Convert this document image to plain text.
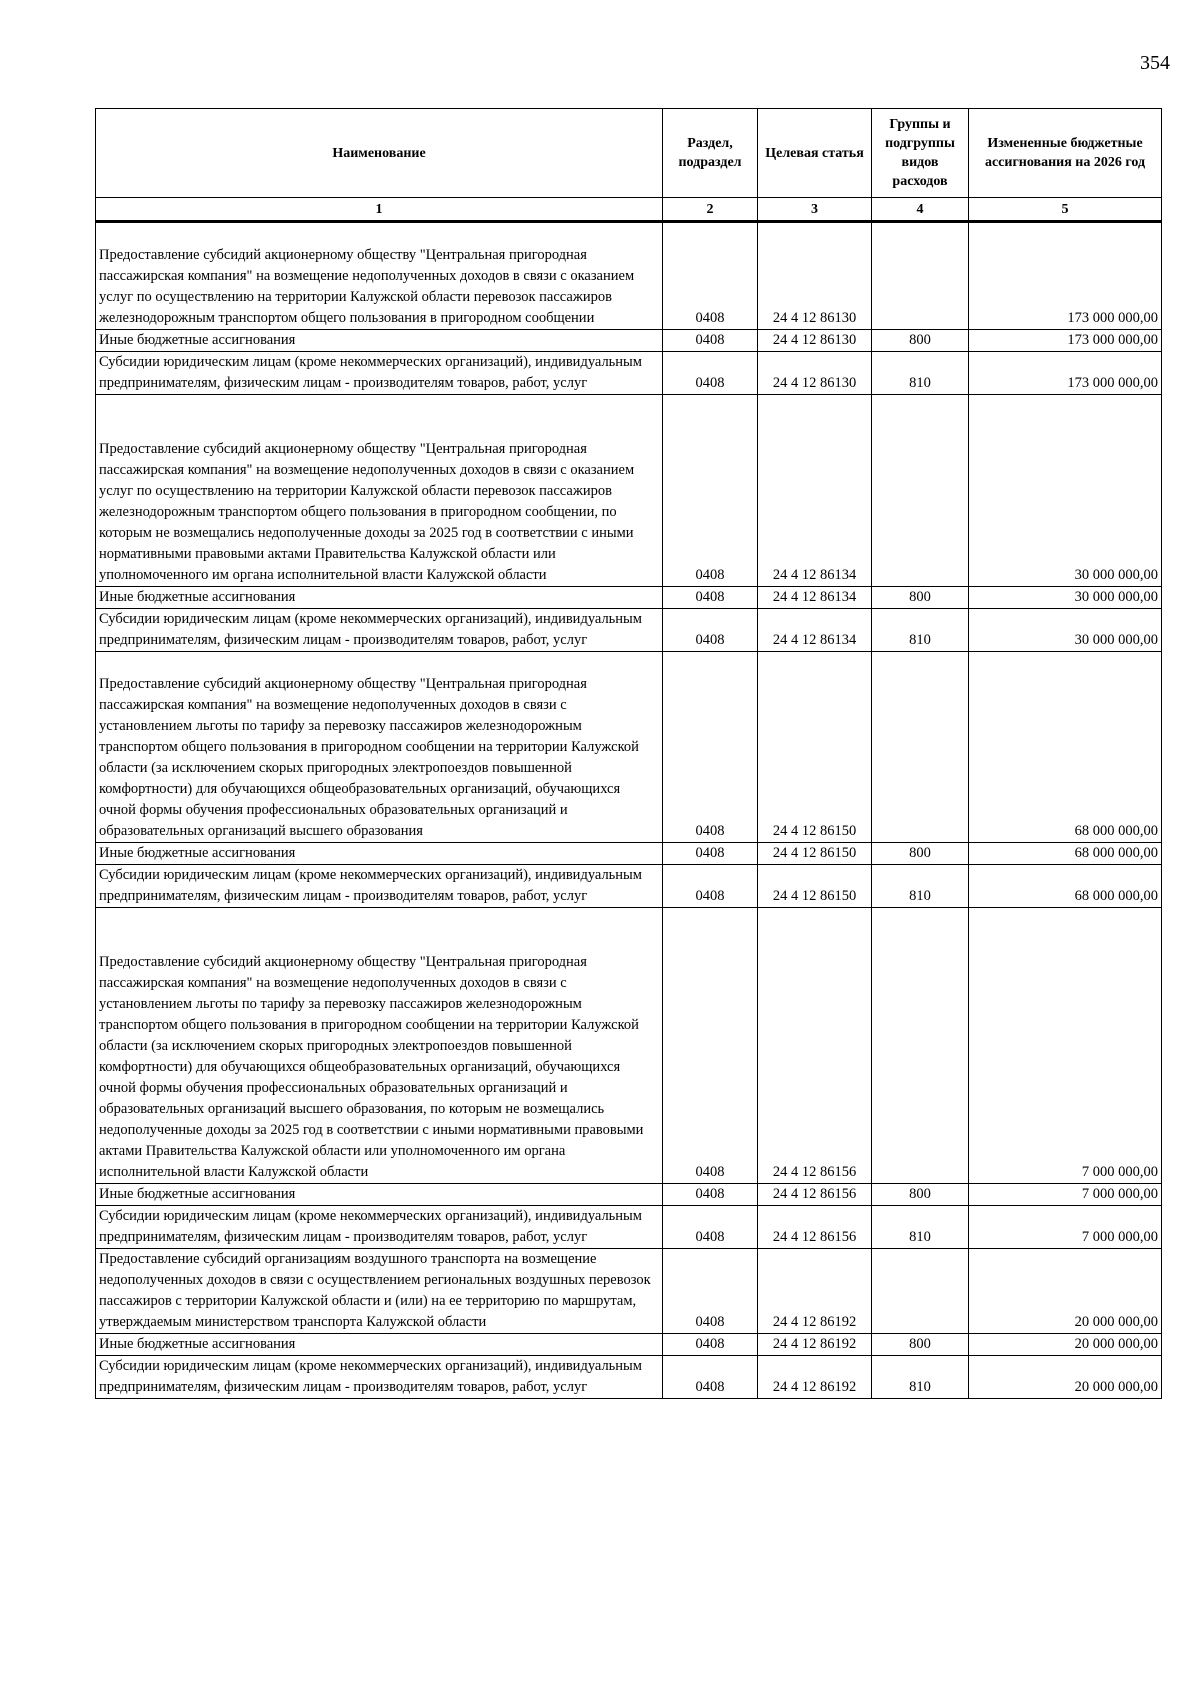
354
Наименование	Раздел, подраздел	Целевая статья	Группы и подгруппы видов расходов	Измененные бюджетные ассигнования на 2026 год
1	2	3	4	5
Предоставление субсидий акционерному обществу "Центральная пригородная пассажирская компания" на возмещение недополученных доходов в связи с оказанием услуг по осуществлению на территории Калужской области перевозок пассажиров железнодорожным транспортом общего пользования в пригородном сообщении	0408	24 4 12 86130		173 000 000,00
Иные бюджетные ассигнования	0408	24 4 12 86130	800	173 000 000,00
Субсидии юридическим лицам (кроме некоммерческих организаций), индивидуальным предпринимателям, физическим лицам - производителям товаров, работ, услуг	0408	24 4 12 86130	810	173 000 000,00
Предоставление субсидий акционерному обществу "Центральная пригородная пассажирская компания" на возмещение недополученных доходов в связи с оказанием услуг по осуществлению на территории Калужской области перевозок пассажиров железнодорожным транспортом общего пользования в пригородном сообщении, по которым не возмещались недополученные доходы за 2025 год в соответствии с иными нормативными правовыми актами Правительства Калужской области или уполномоченного им органа исполнительной власти Калужской области	0408	24 4 12 86134		30 000 000,00
Иные бюджетные ассигнования	0408	24 4 12 86134	800	30 000 000,00
Субсидии юридическим лицам (кроме некоммерческих организаций), индивидуальным предпринимателям, физическим лицам - производителям товаров, работ, услуг	0408	24 4 12 86134	810	30 000 000,00
Предоставление субсидий акционерному обществу "Центральная пригородная пассажирская компания" на возмещение недополученных доходов в связи с установлением льготы по тарифу за перевозку пассажиров железнодорожным транспортом общего пользования в пригородном сообщении на территории Калужской области (за исключением скорых пригородных электропоездов повышенной комфортности) для обучающихся общеобразовательных организаций, обучающихся очной формы обучения профессиональных образовательных организаций и образовательных организаций высшего образования	0408	24 4 12 86150		68 000 000,00
Иные бюджетные ассигнования	0408	24 4 12 86150	800	68 000 000,00
Субсидии юридическим лицам (кроме некоммерческих организаций), индивидуальным предпринимателям, физическим лицам - производителям товаров, работ, услуг	0408	24 4 12 86150	810	68 000 000,00
Предоставление субсидий акционерному обществу "Центральная пригородная пассажирская компания" на возмещение недополученных доходов в связи с установлением льготы по тарифу за перевозку пассажиров железнодорожным транспортом общего пользования в пригородном сообщении на территории Калужской области (за исключением скорых пригородных электропоездов повышенной комфортности) для обучающихся общеобразовательных организаций, обучающихся очной формы обучения профессиональных образовательных организаций и образовательных организаций высшего образования, по которым не возмещались недополученные доходы за 2025 год в соответствии с иными нормативными правовыми актами Правительства Калужской области или уполномоченного им органа исполнительной власти Калужской области	0408	24 4 12 86156		7 000 000,00
Иные бюджетные ассигнования	0408	24 4 12 86156	800	7 000 000,00
Субсидии юридическим лицам (кроме некоммерческих организаций), индивидуальным предпринимателям, физическим лицам - производителям товаров, работ, услуг	0408	24 4 12 86156	810	7 000 000,00
Предоставление субсидий организациям воздушного транспорта на возмещение недополученных доходов в связи с осуществлением региональных воздушных перевозок пассажиров с территории Калужской области и (или) на ее территорию по маршрутам, утверждаемым министерством транспорта Калужской области	0408	24 4 12 86192		20 000 000,00
Иные бюджетные ассигнования	0408	24 4 12 86192	800	20 000 000,00
Субсидии юридическим лицам (кроме некоммерческих организаций), индивидуальным предпринимателям, физическим лицам - производителям товаров, работ, услуг	0408	24 4 12 86192	810	20 000 000,00
